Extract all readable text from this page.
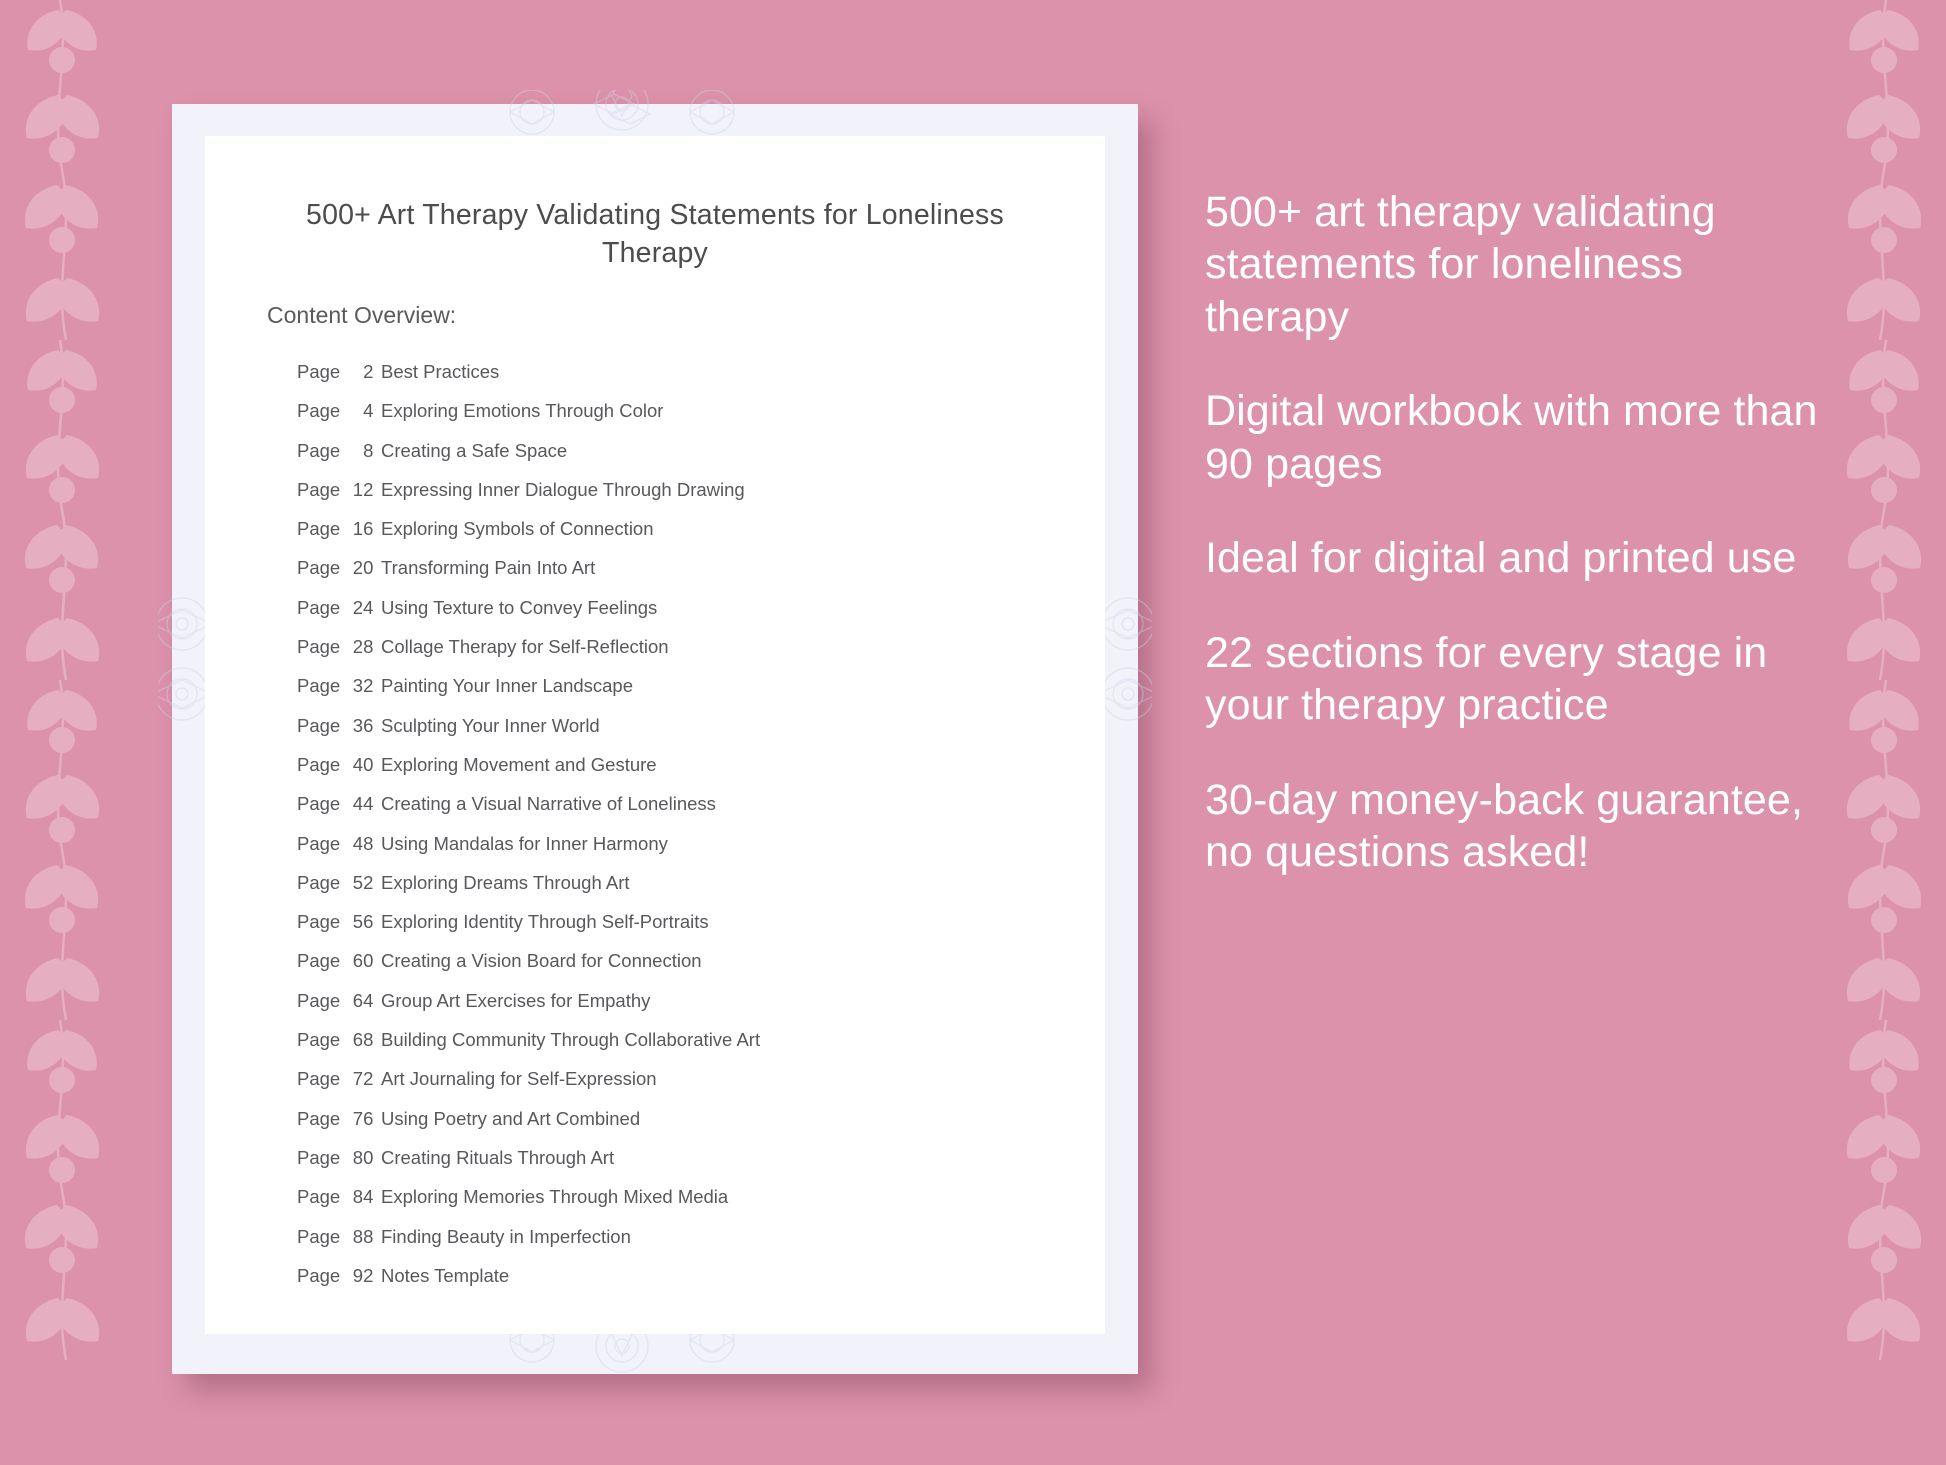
500+ Art Therapy Validating Statements for Loneliness Therapy
Content Overview:
Page 2 Best Practices
Page 4 Exploring Emotions Through Color
Page 8 Creating a Safe Space
Page 12 Expressing Inner Dialogue Through Drawing
Page 16 Exploring Symbols of Connection
Page 20 Transforming Pain Into Art
Page 24 Using Texture to Convey Feelings
Page 28 Collage Therapy for Self-Reflection
Page 32 Painting Your Inner Landscape
Page 36 Sculpting Your Inner World
Page 40 Exploring Movement and Gesture
Page 44 Creating a Visual Narrative of Loneliness
Page 48 Using Mandalas for Inner Harmony
Page 52 Exploring Dreams Through Art
Page 56 Exploring Identity Through Self-Portraits
Page 60 Creating a Vision Board for Connection
Page 64 Group Art Exercises for Empathy
Page 68 Building Community Through Collaborative Art
Page 72 Art Journaling for Self-Expression
Page 76 Using Poetry and Art Combined
Page 80 Creating Rituals Through Art
Page 84 Exploring Memories Through Mixed Media
Page 88 Finding Beauty in Imperfection
Page 92 Notes Template
500+ art therapy validating statements for loneliness therapy
Digital workbook with more than 90 pages
Ideal for digital and printed use
22 sections for every stage in your therapy practice
30-day money-back guarantee, no questions asked!
